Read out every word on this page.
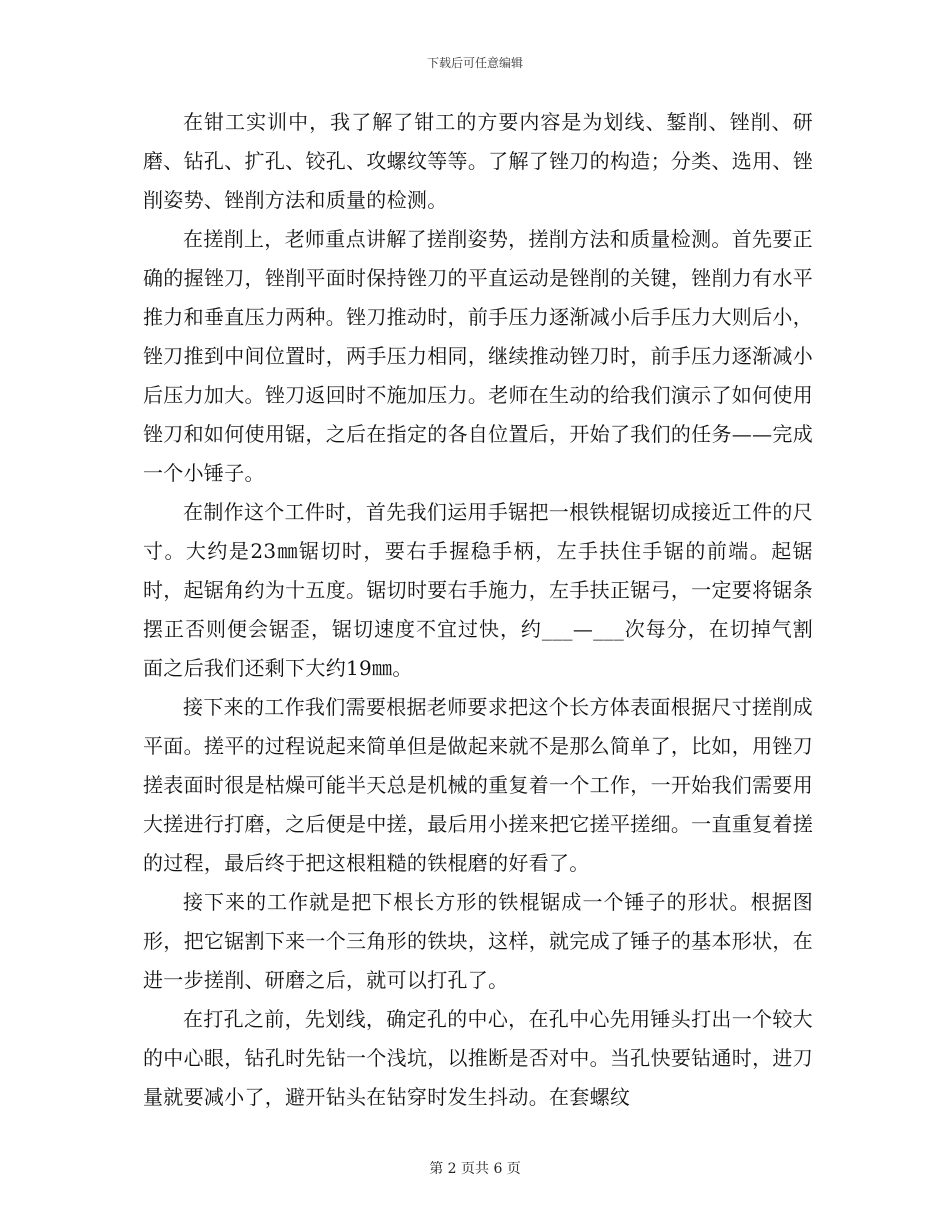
下载后可任意编辑

在钳工实训中，我了解了钳工的方要内容是为划线、錾削、锉削、研磨、钻孔、扩孔、铰孔、攻螺纹等等。了解了锉刀的构造；分类、选用、锉削姿势、锉削方法和质量的检测。

在搓削上，老师重点讲解了搓削姿势，搓削方法和质量检测。首先要正确的握锉刀，锉削平面时保持锉刀的平直运动是锉削的关键，锉削力有水平推力和垂直压力两种。锉刀推动时，前手压力逐渐减小后手压力大则后小，锉刀推到中间位置时，两手压力相同，继续推动锉刀时，前手压力逐渐减小后压力加大。锉刀返回时不施加压力。老师在生动的给我们演示了如何使用锉刀和如何使用锯，之后在指定的各自位置后，开始了我们的任务——完成一个小锤子。

在制作这个工件时，首先我们运用手锯把一根铁棍锯切成接近工件的尺寸。大约是23㎜锯切时，要右手握稳手柄，左手扶住手锯的前端。起锯时，起锯角约为十五度。锯切时要右手施力，左手扶正锯弓，一定要将锯条摆正否则便会锯歪，锯切速度不宜过快，约___—___次每分，在切掉气割面之后我们还剩下大约19㎜。

接下来的工作我们需要根据老师要求把这个长方体表面根据尺寸搓削成平面。搓平的过程说起来简单但是做起来就不是那么简单了，比如，用锉刀搓表面时很是枯燥可能半天总是机械的重复着一个工作，一开始我们需要用大搓进行打磨，之后便是中搓，最后用小搓来把它搓平搓细。一直重复着搓的过程，最后终于把这根粗糙的铁棍磨的好看了。

接下来的工作就是把下根长方形的铁棍锯成一个锤子的形状。根据图形，把它锯割下来一个三角形的铁块，这样，就完成了锤子的基本形状，在进一步搓削、研磨之后，就可以打孔了。

在打孔之前，先划线，确定孔的中心，在孔中心先用锤头打出一个较大的中心眼，钻孔时先钻一个浅坑，以推断是否对中。当孔快要钻通时，进刀量就要减小了，避开钻头在钻穿时发生抖动。在套螺纹

第 2 页共 6 页
